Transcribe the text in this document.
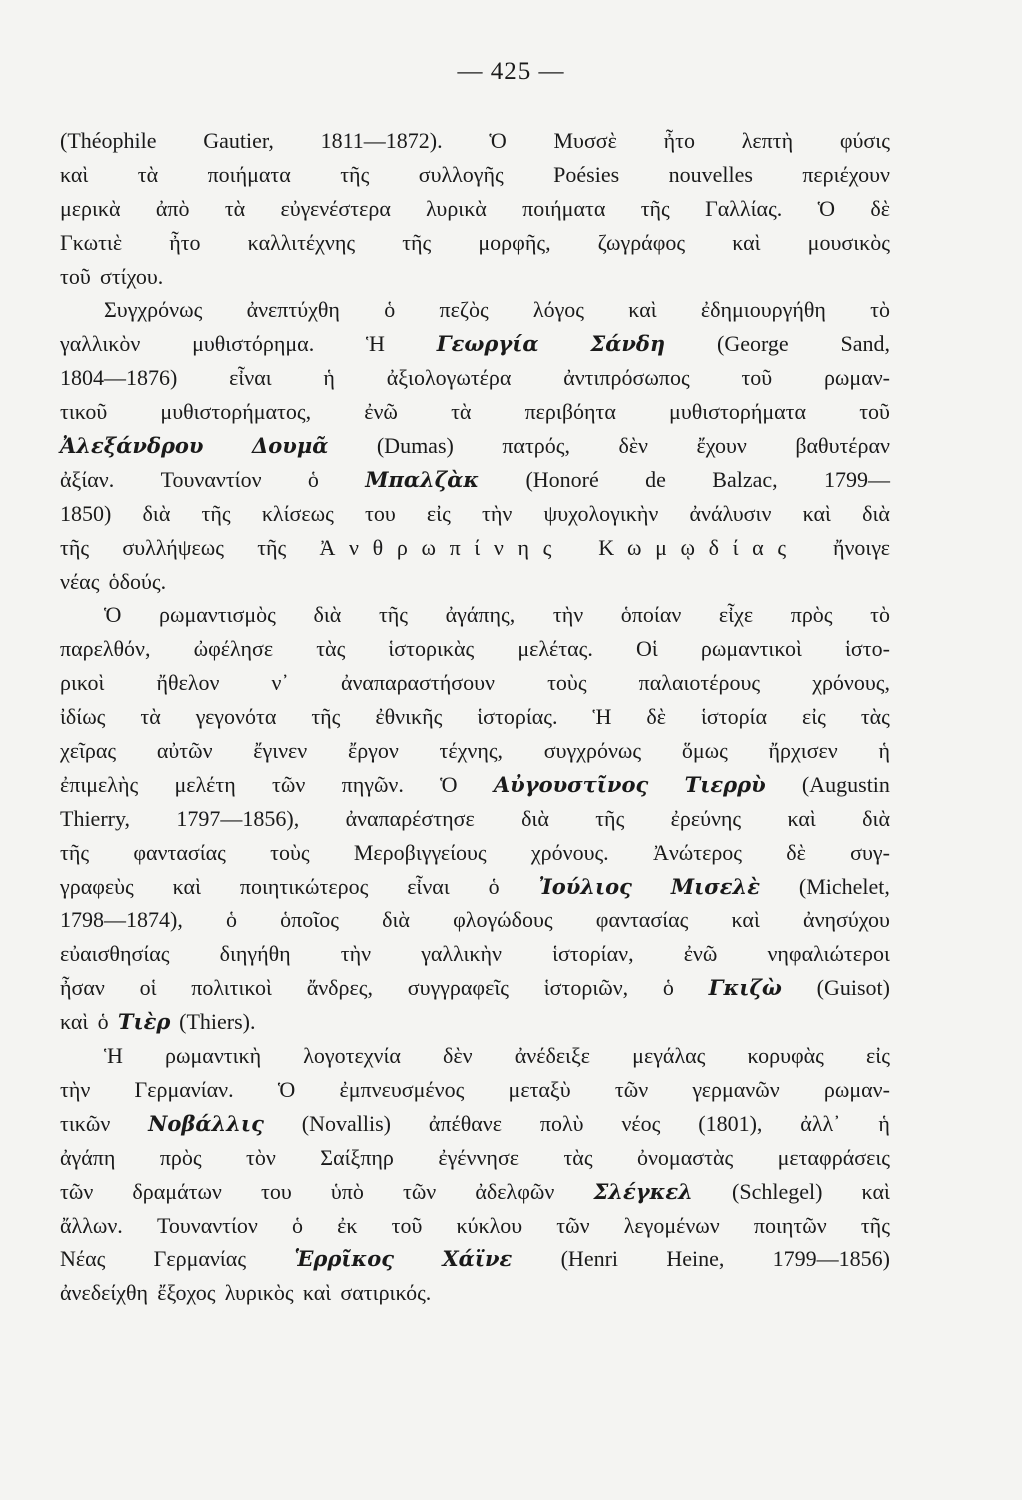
— 425 —
(Théophile Gautier, 1811—1872). Ὁ Μυσσὲ ἦτο λεπτὴ φύσις
καὶ τὰ ποιήματα τῆς συλλογῆς Poésies nouvelles περιέχουν
μερικὰ ἀπὸ τὰ εὐγενέστερα λυρικὰ ποιήματα τῆς Γαλλίας. Ὁ δὲ
Γκωτιὲ ἦτο καλλιτέχνης τῆς μορφῆς, ζωγράφος καὶ μουσικὸς
τοῦ στίχου.
Συγχρόνως ἀνεπτύχθη ὁ πεζὸς λόγος καὶ ἐδημιουργήθη τὸ
γαλλικὸν μυθιστόρημα. Ἡ Γεωργία Σάνδη (George Sand,
1804—1876) εἶναι ἡ ἀξιολογωτέρα ἀντιπρόσωπος τοῦ ρωμαν-
τικοῦ μυθιστορήματος, ἐνῶ τὰ περιβόητα μυθιστορήματα τοῦ
Ἀλεξάνδρου Δουμᾶ (Dumas) πατρός, δὲν ἔχουν βαθυτέραν
ἀξίαν. Τουναντίον ὁ Μπαλζὰκ (Honoré de Balzac, 1799—
1850) διὰ τῆς κλίσεως του εἰς τὴν ψυχολογικὴν ἀνάλυσιν καὶ διὰ
τῆς συλλήψεως τῆς Ἀνθρωπίνης Κωμῳδίας ἤνοιγε
νέας ὁδούς.
Ὁ ρωμαντισμὸς διὰ τῆς ἀγάπης, τὴν ὁποίαν εἶχε πρὸς τὸ
παρελθόν, ὠφέλησε τὰς ἱστορικὰς μελέτας. Οἱ ρωμαντικοὶ ἱστο-
ρικοὶ ἤθελον ν᾽ ἀναπαραστήσουν τοὺς παλαιοτέρους χρόνους,
ἰδίως τὰ γεγονότα τῆς ἐθνικῆς ἱστορίας. Ἡ δὲ ἱστορία εἰς τὰς
χεῖρας αὐτῶν ἔγινεν ἔργον τέχνης, συγχρόνως ὅμως ἤρχισεν ἡ
ἐπιμελὴς μελέτη τῶν πηγῶν. Ὁ Αὐγουστῖνος Τιερρὺ (Augustin
Thierry, 1797—1856), ἀναπαρέστησε διὰ τῆς ἐρεύνης καὶ διὰ
τῆς φαντασίας τοὺς Μεροβιγγείους χρόνους. Ἀνώτερος δὲ συγ-
γραφεὺς καὶ ποιητικώτερος εἶναι ὁ Ἰούλιος Μισελὲ (Michelet,
1798—1874), ὁ ὁποῖος διὰ φλογώδους φαντασίας καὶ ἀνησύχου
εὐαισθησίας διηγήθη τὴν γαλλικὴν ἱστορίαν, ἐνῶ νηφαλιώτεροι
ἦσαν οἱ πολιτικοὶ ἄνδρες, συγγραφεῖς ἱστοριῶν, ὁ Γκιζὼ (Guisot)
καὶ ὁ Τιὲρ (Thiers).
Ἡ ρωμαντικὴ λογοτεχνία δὲν ἀνέδειξε μεγάλας κορυφὰς εἰς
τὴν Γερμανίαν. Ὁ ἐμπνευσμένος μεταξὺ τῶν γερμανῶν ρωμαν-
τικῶν Νοβάλλις (Novallis) ἀπέθανε πολὺ νέος (1801), ἀλλ᾽ ἡ
ἀγάπη πρὸς τὸν Σαίξπηρ ἐγέννησε τὰς ὀνομαστὰς μεταφράσεις
τῶν δραμάτων του ὑπὸ τῶν ἀδελφῶν Σλέγκελ (Schlegel) καὶ
ἄλλων. Τουναντίον ὁ ἐκ τοῦ κύκλου τῶν λεγομένων ποιητῶν τῆς
Νέας Γερμανίας Ἑρρῖκος Χάϊνε (Henri Heine, 1799—1856)
ἀνεδείχθη ἔξοχος λυρικὸς καὶ σατιρικός.
